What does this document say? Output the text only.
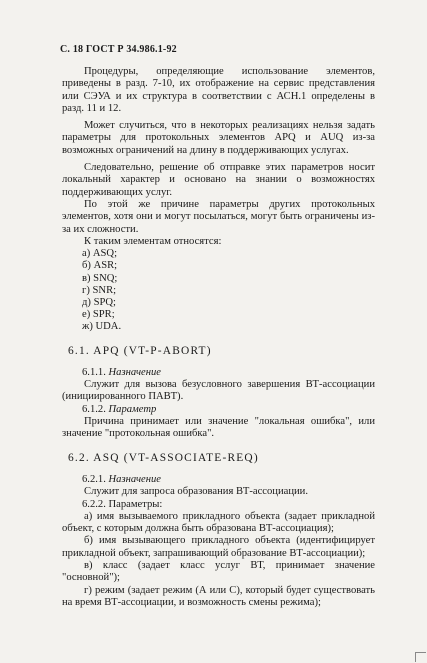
С. 18 ГОСТ Р 34.986.1-92

Процедуры, определяющие использование элементов, приведены в разд. 7-10, их отображение на сервис представления или СЭУА и их структура в соответствии с АСН.1 определены в разд. 11 и 12.

Может случиться, что в некоторых реализациях нельзя задать параметры для протокольных элементов APQ и AUQ из-за возможных ограничений на длину в поддерживающих услугах.

Следовательно, решение об отправке этих параметров носит локальный характер и основано на знании о возможностях поддерживающих услуг.

По этой же причине параметры других протокольных элементов, хотя они и могут посылаться, могут быть ограничены из-за их сложности.

К таким элементам относятся:

а) ASQ;
б) ASR;
в) SNQ;
г) SNR;
д) SPQ;
е) SPR;
ж) UDA.
6.1. APQ (VT-P-ABORT)

6.1.1. Назначение

Служит для вызова безусловного завершения ВТ-ассоциации (инициированного ПАВТ).

6.1.2. Параметр

Причина принимает или значение "локальная ошибка", или значение "протокольная ошибка".

6.2. ASQ (VT-ASSOCIATE-REQ)

6.2.1. Назначение

Служит для запроса образования ВТ-ассоциации.

6.2.2. Параметры:

а) имя вызываемого прикладного объекта (задает прикладной объект, с которым должна быть образована ВТ-ассоциация);

б) имя вызывающего прикладного объекта (идентифицирует прикладной объект, запрашивающий образование ВТ-ассоциации);

в) класс (задает класс услуг ВТ, принимает значение "основной");

г) режим (задает режим (А или С), который будет существовать на время ВТ-ассоциации, и возможность смены режима);
